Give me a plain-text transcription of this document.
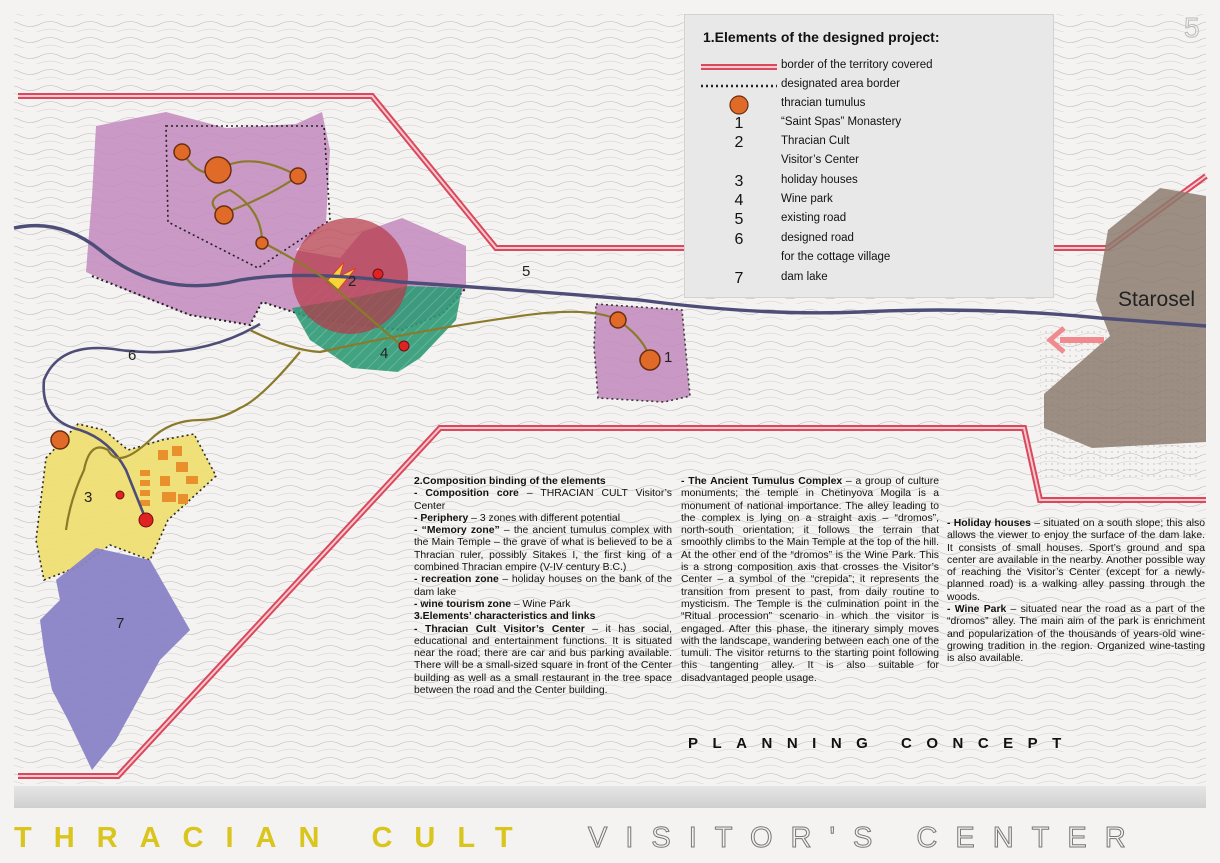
Starosel
1
2
3
4
5
6
7
5
1.Elements of the designed project:
border of the territory covered
designated area border
thracian tumulus
1	“Saint Spas” Monastery
2	Thracian Cult
Visitor’s Center
3	holiday houses
4	Wine park
5	existing road
6	designed road
for the cottage village
7	dam lake

2.Composition binding of the elements

- Composition core – THRACIAN CULT Visitor’s Center

- Periphery – 3 zones with different potential

- “Memory zone” – the ancient tumulus complex with the Main Temple – the grave of what is believed to be a Thracian ruler, possibly Sitakes I, the first king of a combined Thracian empire (V-IV century B.C.)

- recreation zone – holiday houses on the bank of the dam lake

- wine tourism zone – Wine Park

3.Elements’ characteristics and links

- Thracian Cult Visitor’s Center – it has social, educational and entertainment functions. It is situated near the road; there are car and bus parking available. There will be a small-sized square in front of the Center building as well as a small restaurant in the tree space between the road and the Center building.

- The Ancient Tumulus Complex – a group of culture monuments; the temple in Chetinyova Mogila is a monument of national importance. The alley leading to the complex is lying on a straight axis – “dromos”, north-south orientation; it follows the terrain that smoothly climbs to the Main Temple at the top of the hill. At the other end of the “dromos” is the Wine Park. This is a strong composition axis that crosses the Visitor’s Center – a symbol of the “crepida”; it represents the transition from present to past, from daily routine to mysticism. The Temple is the culmination point in the “Ritual procession” scenario in which the visitor is engaged. After this phase, the itinerary simply moves with the landscape, wandering between each one of the tumuli. The visitor returns to the starting point following this tangenting alley. It is also suitable for disadvantaged people usage.

- Holiday houses – situated on a south slope; this also allows the viewer to enjoy the surface of the dam lake. It consists of small houses. Sport’s ground and spa center are available in the nearby. Another possible way of reaching the Visitor’s Center (except for a newly-planned road) is a walking alley passing through the woods.

- Wine Park – situated near the road as a part of the “dromos” alley. The main aim of the park is enrichment and popularization of the thousands of years-old wine-growing tradition in the region. Organized wine-tasting is also available.

PLANNING CONCEPT
THRACIAN CULT VISITOR'S CENTER
